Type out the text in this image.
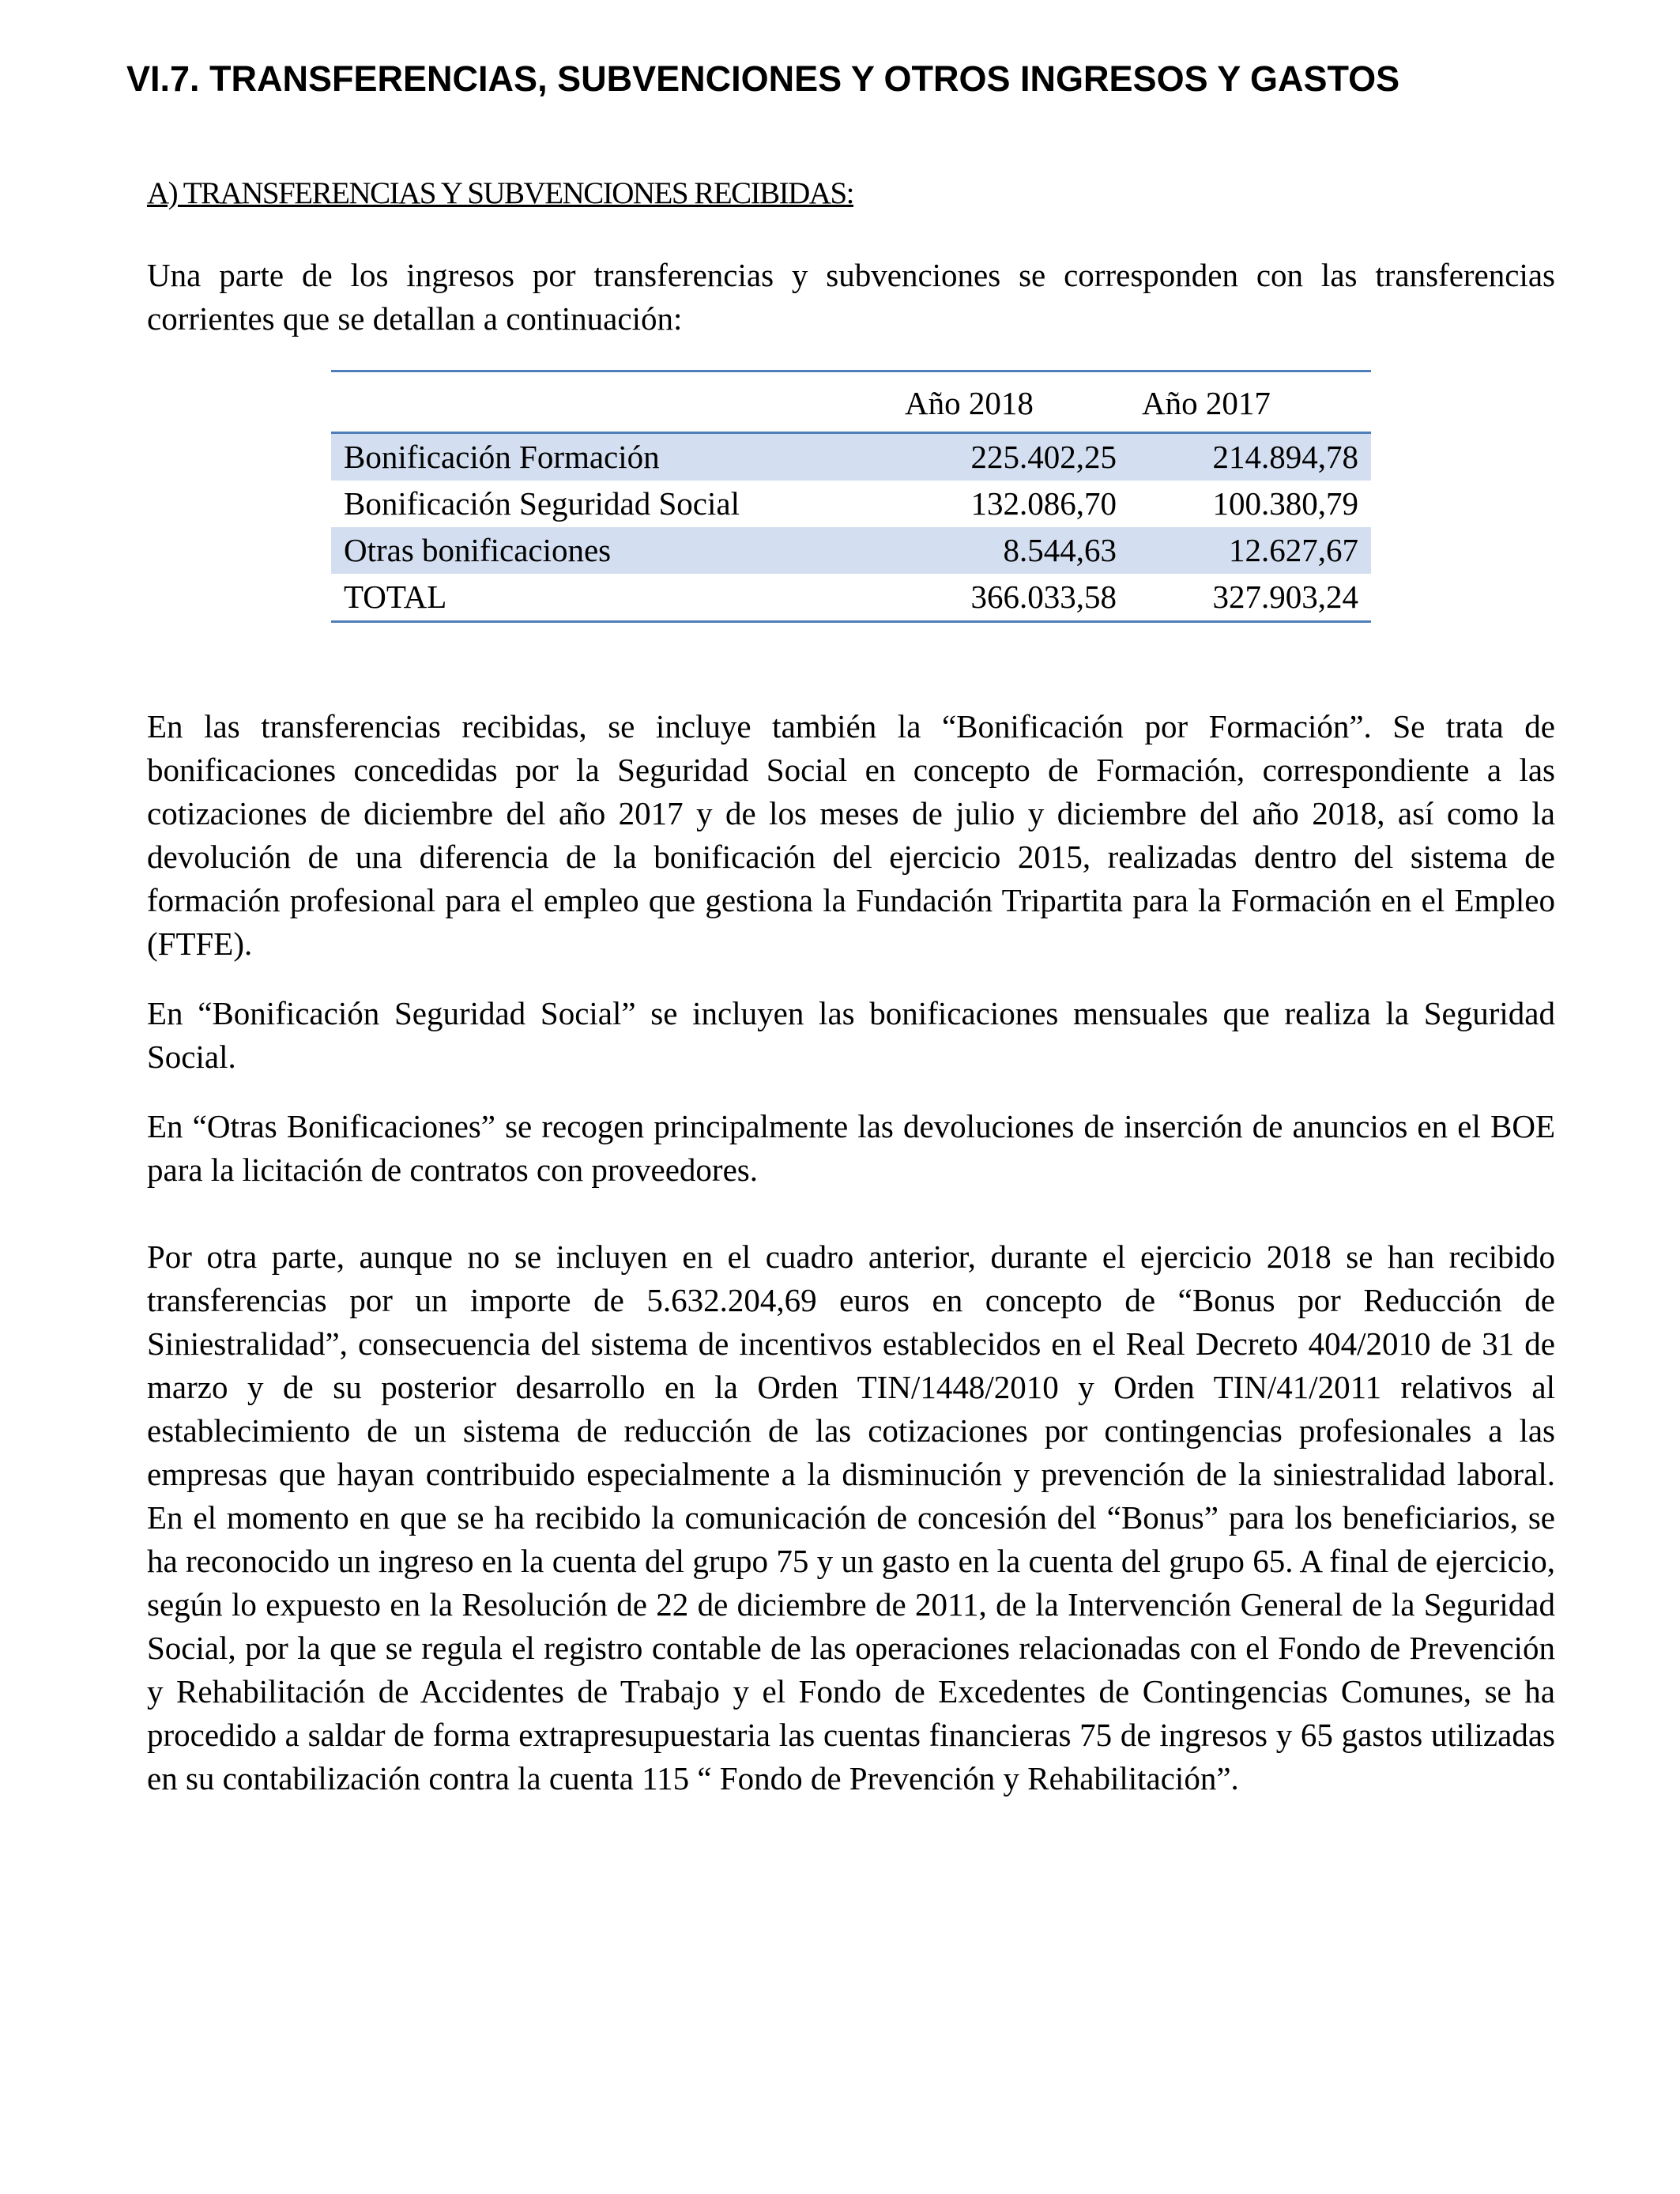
VI.7. TRANSFERENCIAS, SUBVENCIONES Y OTROS INGRESOS Y GASTOS
A) TRANSFERENCIAS Y SUBVENCIONES RECIBIDAS:

Una parte de los ingresos por transferencias y subvenciones se corresponden con las transferencias corrientes que se detallan a continuación:

	Año 2018	Año 2017
Bonificación Formación	225.402,25	214.894,78
Bonificación Seguridad Social	132.086,70	100.380,79
Otras bonificaciones	8.544,63	12.627,67
TOTAL	366.033,58	327.903,24

En las transferencias recibidas, se incluye también la “Bonificación por Formación”. Se trata de bonificaciones concedidas por la Seguridad Social en concepto de Formación, correspondiente a las cotizaciones de diciembre del año 2017 y de los meses de julio y diciembre del año 2018, así como la devolución de una diferencia de la bonificación del ejercicio 2015, realizadas dentro del sistema de formación profesional para el empleo que gestiona la Fundación Tripartita para la Formación en el Empleo (FTFE).

En “Bonificación Seguridad Social” se incluyen las bonificaciones mensuales que realiza la Seguridad Social.

En “Otras Bonificaciones” se recogen principalmente las devoluciones de inserción de anuncios en el BOE para la licitación de contratos con proveedores.

Por otra parte, aunque no se incluyen en el cuadro anterior, durante el ejercicio 2018 se han recibido transferencias por un importe de 5.632.204,69 euros en concepto de “Bonus por Reducción de Siniestralidad”, consecuencia del sistema de incentivos establecidos en el Real Decreto 404/2010 de 31 de marzo y de su posterior desarrollo en la Orden TIN/1448/2010 y Orden TIN/41/2011 relativos al establecimiento de un sistema de reducción de las cotizaciones por contingencias profesionales a las empresas que hayan contribuido especialmente a la disminución y prevención de la siniestralidad laboral. En el momento en que se ha recibido la comunicación de concesión del “Bonus” para los beneficiarios, se ha reconocido un ingreso en la cuenta del grupo 75 y un gasto en la cuenta del grupo 65. A final de ejercicio, según lo expuesto en la Resolución de 22 de diciembre de 2011, de la Intervención General de la Seguridad Social, por la que se regula el registro contable de las operaciones relacionadas con el Fondo de Prevención y Rehabilitación de Accidentes de Trabajo y el Fondo de Excedentes de Contingencias Comunes, se ha procedido a saldar de forma extrapresupuestaria las cuentas financieras 75 de ingresos y 65 gastos utilizadas en su contabilización contra la cuenta 115 “ Fondo de Prevención y Rehabilitación”.
